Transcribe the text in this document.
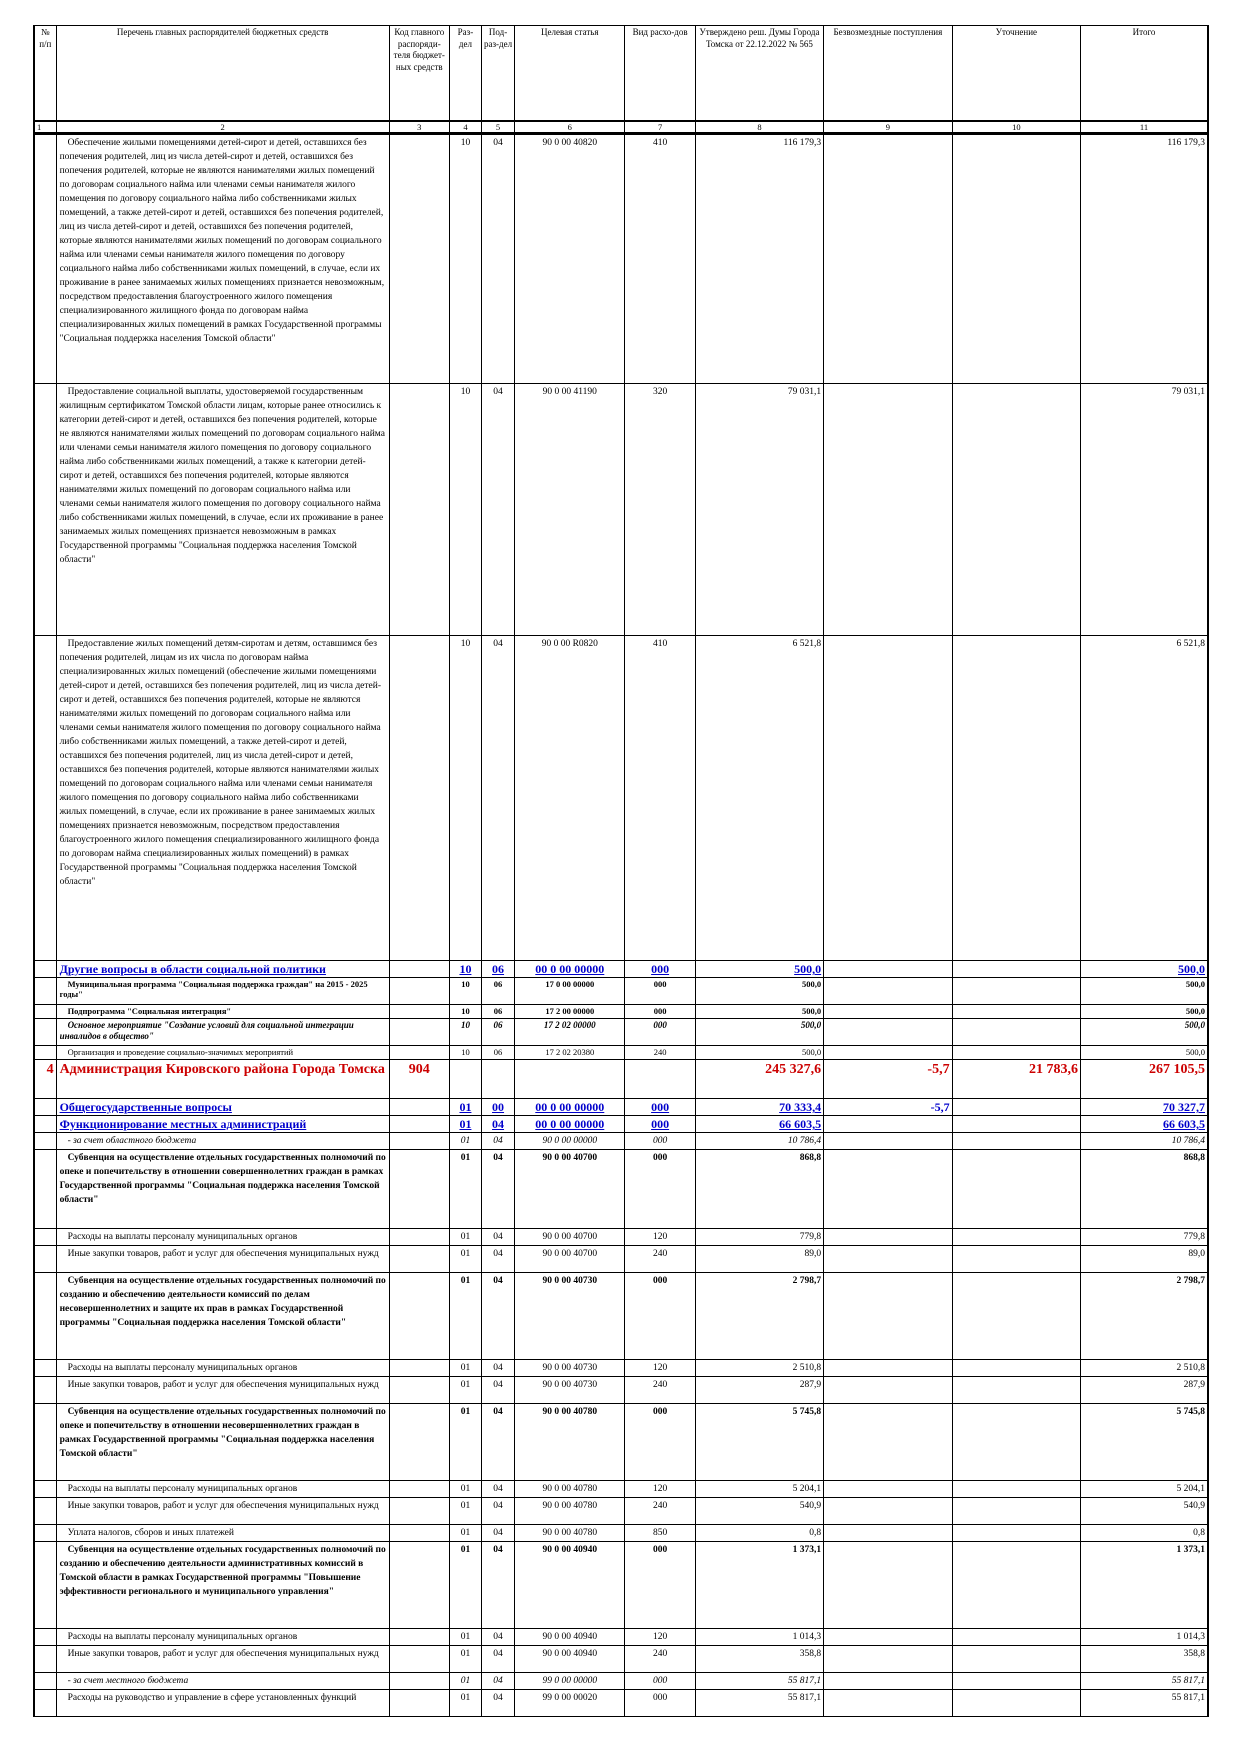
№ п/п	Перечень главных распорядителей бюджетных средств	Код главного распоряди-теля бюджет-ных средств	Раз-дел	Под-раз-дел	Целевая статья	Вид расхо-дов	Утверждено реш. Думы Города Томска от 22.12.2022 № 565	Безвозмездные поступления	Уточнение	Итого
1	2	3	4	5	6	7	8	9	10	11

	Обеспечение жилыми помещениями детей-сирот и детей, оставшихся без попечения родителей, лиц из числа детей-сирот и детей, оставшихся без попечения родителей, которые не являются нанимателями жилых помещений по договорам социального найма или членами семьи нанимателя жилого помещения по договору социального найма либо собственниками жилых помещений, а также детей-сирот и детей, оставшихся без попечения родителей, лиц из числа детей-сирот и детей, оставшихся без попечения родителей, которые являются нанимателями жилых помещений по договорам социального найма или членами семьи нанимателя жилого помещения по договору социального найма либо собственниками жилых помещений, в случае, если их проживание в ранее занимаемых жилых помещениях признается невозможным, посредством предоставления благоустроенного жилого помещения специализированного жилищного фонда по договорам найма специализированных жилых помещений в рамках Государственной программы "Социальная поддержка населения Томской области"		10	04	90 0 00 40820	410	116 179,3			116 179,3

	Предоставление социальной выплаты, удостоверяемой государственным жилищным сертификатом Томской области лицам, которые ранее относились к категории детей-сирот и детей, оставшихся без попечения родителей, которые не являются нанимателями жилых помещений по договорам социального найма или членами семьи нанимателя жилого помещения по договору социального найма либо собственниками жилых помещений, а также к категории детей-сирот и детей, оставшихся без попечения родителей, которые являются нанимателями жилых помещений по договорам социального найма или членами семьи нанимателя жилого помещения по договору социального найма либо собственниками жилых помещений, в случае, если их проживание в ранее занимаемых жилых помещениях признается невозможным в рамках Государственной программы "Социальная поддержка населения Томской области"		10	04	90 0 00 41190	320	79 031,1			79 031,1

	Предоставление жилых помещений детям-сиротам и детям, оставшимся без попечения родителей, лицам из их числа по договорам найма специализированных жилых помещений (обеспечение жилыми помещениями детей-сирот и детей, оставшихся без попечения родителей, лиц из числа детей-сирот и детей, оставшихся без попечения родителей, которые не являются нанимателями жилых помещений по договорам социального найма или членами семьи нанимателя жилого помещения по договору социального найма либо собственниками жилых помещений, а также детей-сирот и детей, оставшихся без попечения родителей, лиц из числа детей-сирот и детей, оставшихся без попечения родителей, которые являются нанимателями жилых помещений по договорам социального найма или членами семьи нанимателя жилого помещения по договору социального найма либо собственниками жилых помещений, в случае, если их проживание в ранее занимаемых жилых помещениях признается невозможным, посредством предоставления благоустроенного жилого помещения специализированного жилищного фонда по договорам найма специализированных жилых помещений) в рамках Государственной программы "Социальная поддержка населения Томской области"		10	04	90 0 00 R0820	410	6 521,8			6 521,8
	Другие вопросы в области социальной политики		10	06	00 0 00 00000	000	500,0			500,0

	Муниципальная программа "Социальная поддержка граждан" на 2015 - 2025 годы"		10	06	17 0 00 00000	000	500,0			500,0

	Подпрограмма "Социальная интеграция"		10	06	17 2 00 00000	000	500,0			500,0

	Основное мероприятие "Создание условий для социальной интеграции инвалидов в общество"		10	06	17 2 02 00000	000	500,0			500,0

	Организация и проведение социально-значимых мероприятий		10	06	17 2 02 20380	240	500,0			500,0
4	Администрация Кировского района Города Томска	904					245 327,6	-5,7	21 783,6	267 105,5
	Общегосударственные вопросы		01	00	00 0 00 00000	000	70 333,4	-5,7		70 327,7
	Функционирование местных администраций		01	04	00 0 00 00000	000	66 603,5			66 603,5

	- за счет областного бюджета		01	04	90 0 00 00000	000	10 786,4			10 786,4

	Субвенция на осуществление отдельных государственных полномочий по опеке и попечительству в отношении совершеннолетних граждан в рамках Государственной программы "Социальная поддержка населения Томской области"		01	04	90 0 00 40700	000	868,8			868,8

	Расходы на выплаты персоналу муниципальных органов		01	04	90 0 00 40700	120	779,8			779,8

	Иные закупки товаров, работ и услуг для обеспечения муниципальных нужд		01	04	90 0 00 40700	240	89,0			89,0

	Субвенция на осуществление отдельных государственных полномочий по созданию и обеспечению деятельности комиссий по делам несовершеннолетних и защите их прав в рамках Государственной программы "Социальная поддержка населения Томской области"		01	04	90 0 00 40730	000	2 798,7			2 798,7

	Расходы на выплаты персоналу муниципальных органов		01	04	90 0 00 40730	120	2 510,8			2 510,8

	Иные закупки товаров, работ и услуг для обеспечения муниципальных нужд		01	04	90 0 00 40730	240	287,9			287,9

	Субвенция на осуществление отдельных государственных полномочий по опеке и попечительству в отношении несовершеннолетних граждан в рамках Государственной программы "Социальная поддержка населения Томской области"		01	04	90 0 00 40780	000	5 745,8			5 745,8

	Расходы на выплаты персоналу муниципальных органов		01	04	90 0 00 40780	120	5 204,1			5 204,1

	Иные закупки товаров, работ и услуг для обеспечения муниципальных нужд		01	04	90 0 00 40780	240	540,9			540,9

	Уплата налогов, сборов и иных платежей		01	04	90 0 00 40780	850	0,8			0,8

	Субвенция на осуществление отдельных государственных полномочий по созданию и обеспечению деятельности административных комиссий в Томской области в рамках Государственной программы "Повышение эффективности регионального и муниципального управления"		01	04	90 0 00 40940	000	1 373,1			1 373,1

	Расходы на выплаты персоналу муниципальных органов		01	04	90 0 00 40940	120	1 014,3			1 014,3

	Иные закупки товаров, работ и услуг для обеспечения муниципальных нужд		01	04	90 0 00 40940	240	358,8			358,8

	- за счет местного бюджета		01	04	99 0 00 00000	000	55 817,1			55 817,1

	Расходы на руководство и управление в сфере установленных функций		01	04	99 0 00 00020	000	55 817,1			55 817,1
